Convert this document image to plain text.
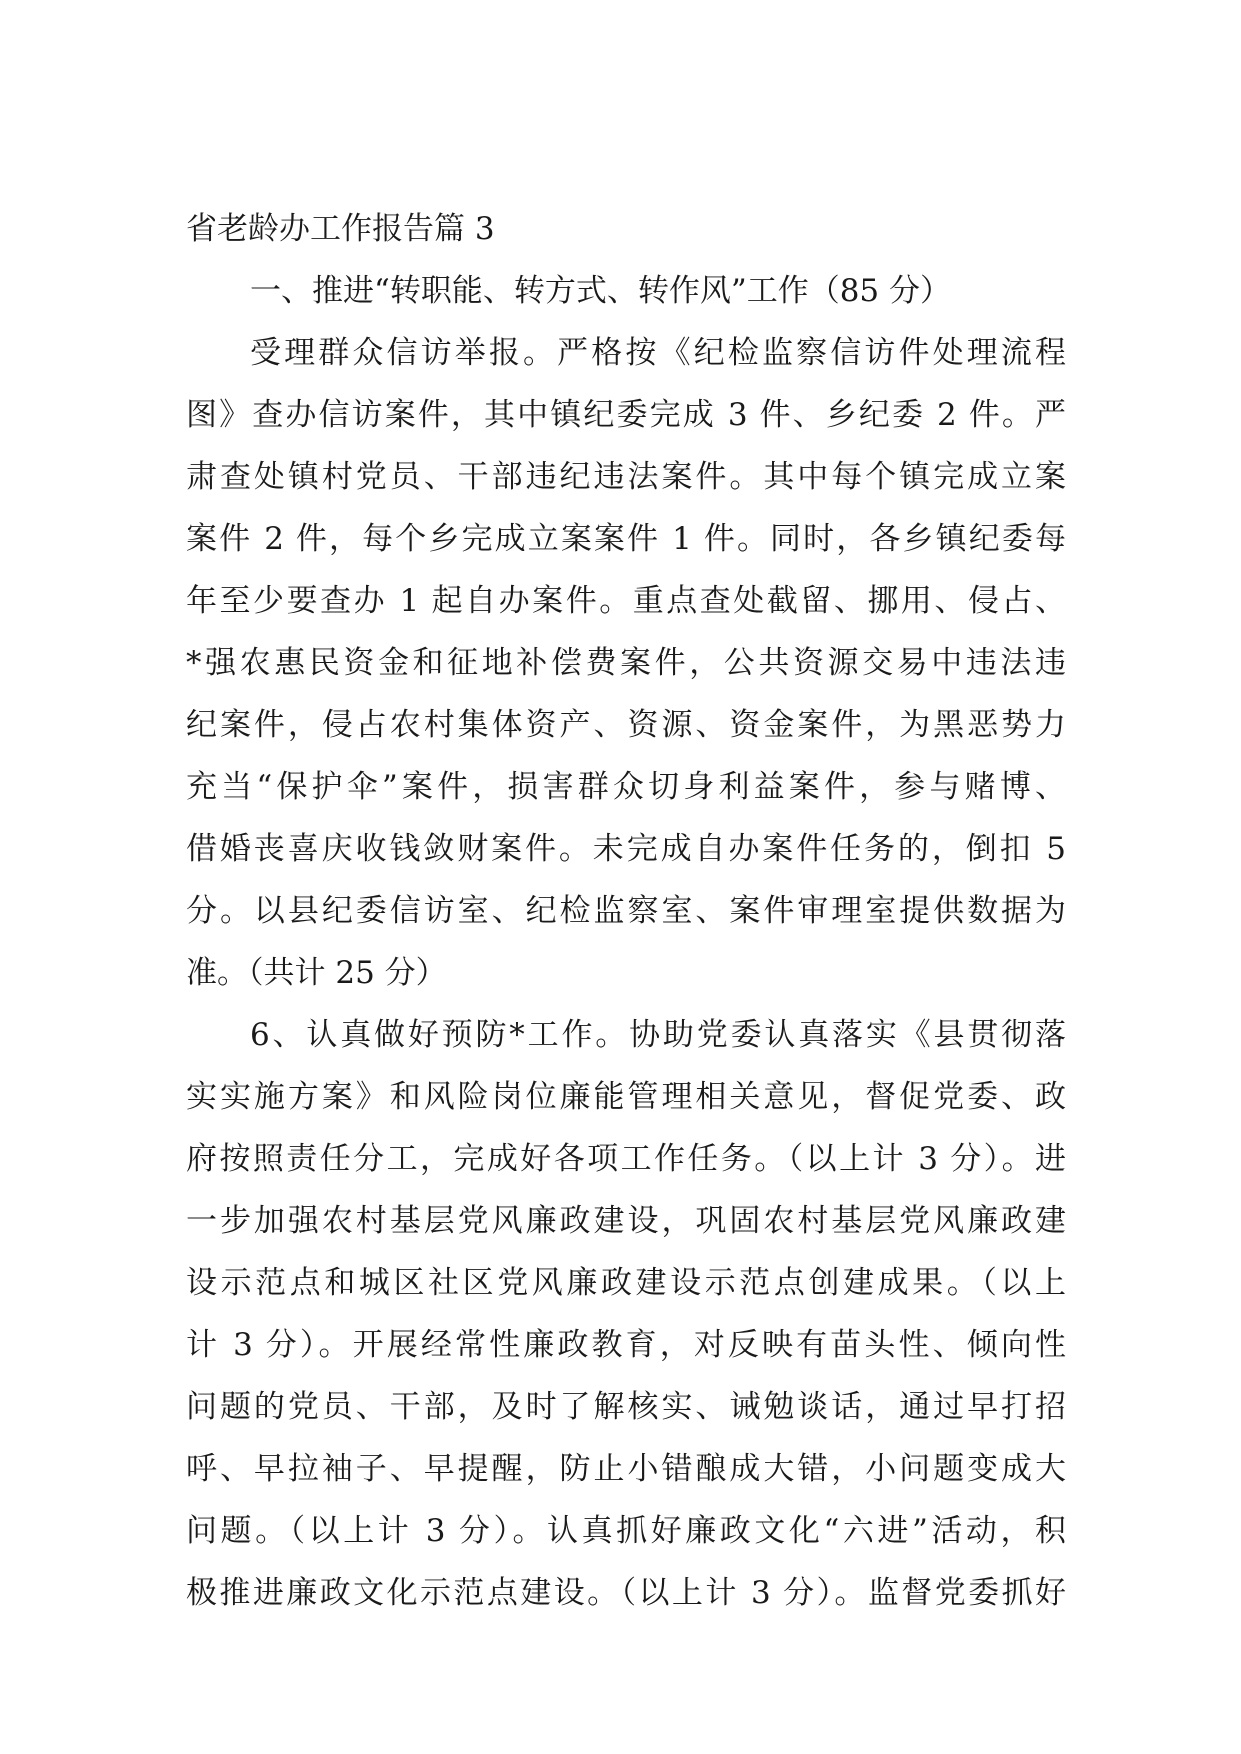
省老龄办工作报告篇 3
一、推进“转职能、转方式、转作风”工作（85 分）
受理群众信访举报。严格按《纪检监察信访件处理流程
图》查办信访案件，其中镇纪委完成 3 件、乡纪委 2 件。严
肃查处镇村党员、干部违纪违法案件。其中每个镇完成立案
案件 2 件，每个乡完成立案案件 1 件。同时，各乡镇纪委每
年至少要查办 1 起自办案件。重点查处截留、挪用、侵占、
*强农惠民资金和征地补偿费案件，公共资源交易中违法违
纪案件，侵占农村集体资产、资源、资金案件，为黑恶势力
充当“保护伞”案件，损害群众切身利益案件，参与赌博、
借婚丧喜庆收钱敛财案件。未完成自办案件任务的，倒扣 5
分。以县纪委信访室、纪检监察室、案件审理室提供数据为
准。（共计 25 分）
6、认真做好预防*工作。协助党委认真落实《县贯彻落
实实施方案》和风险岗位廉能管理相关意见，督促党委、政
府按照责任分工，完成好各项工作任务。（以上计 3 分）。进
一步加强农村基层党风廉政建设，巩固农村基层党风廉政建
设示范点和城区社区党风廉政建设示范点创建成果。（以上
计 3 分）。开展经常性廉政教育，对反映有苗头性、倾向性
问题的党员、干部，及时了解核实、诫勉谈话，通过早打招
呼、早拉袖子、早提醒，防止小错酿成大错，小问题变成大
问题。（以上计 3 分）。认真抓好廉政文化“六进”活动，积
极推进廉政文化示范点建设。（以上计 3 分）。监督党委抓好
